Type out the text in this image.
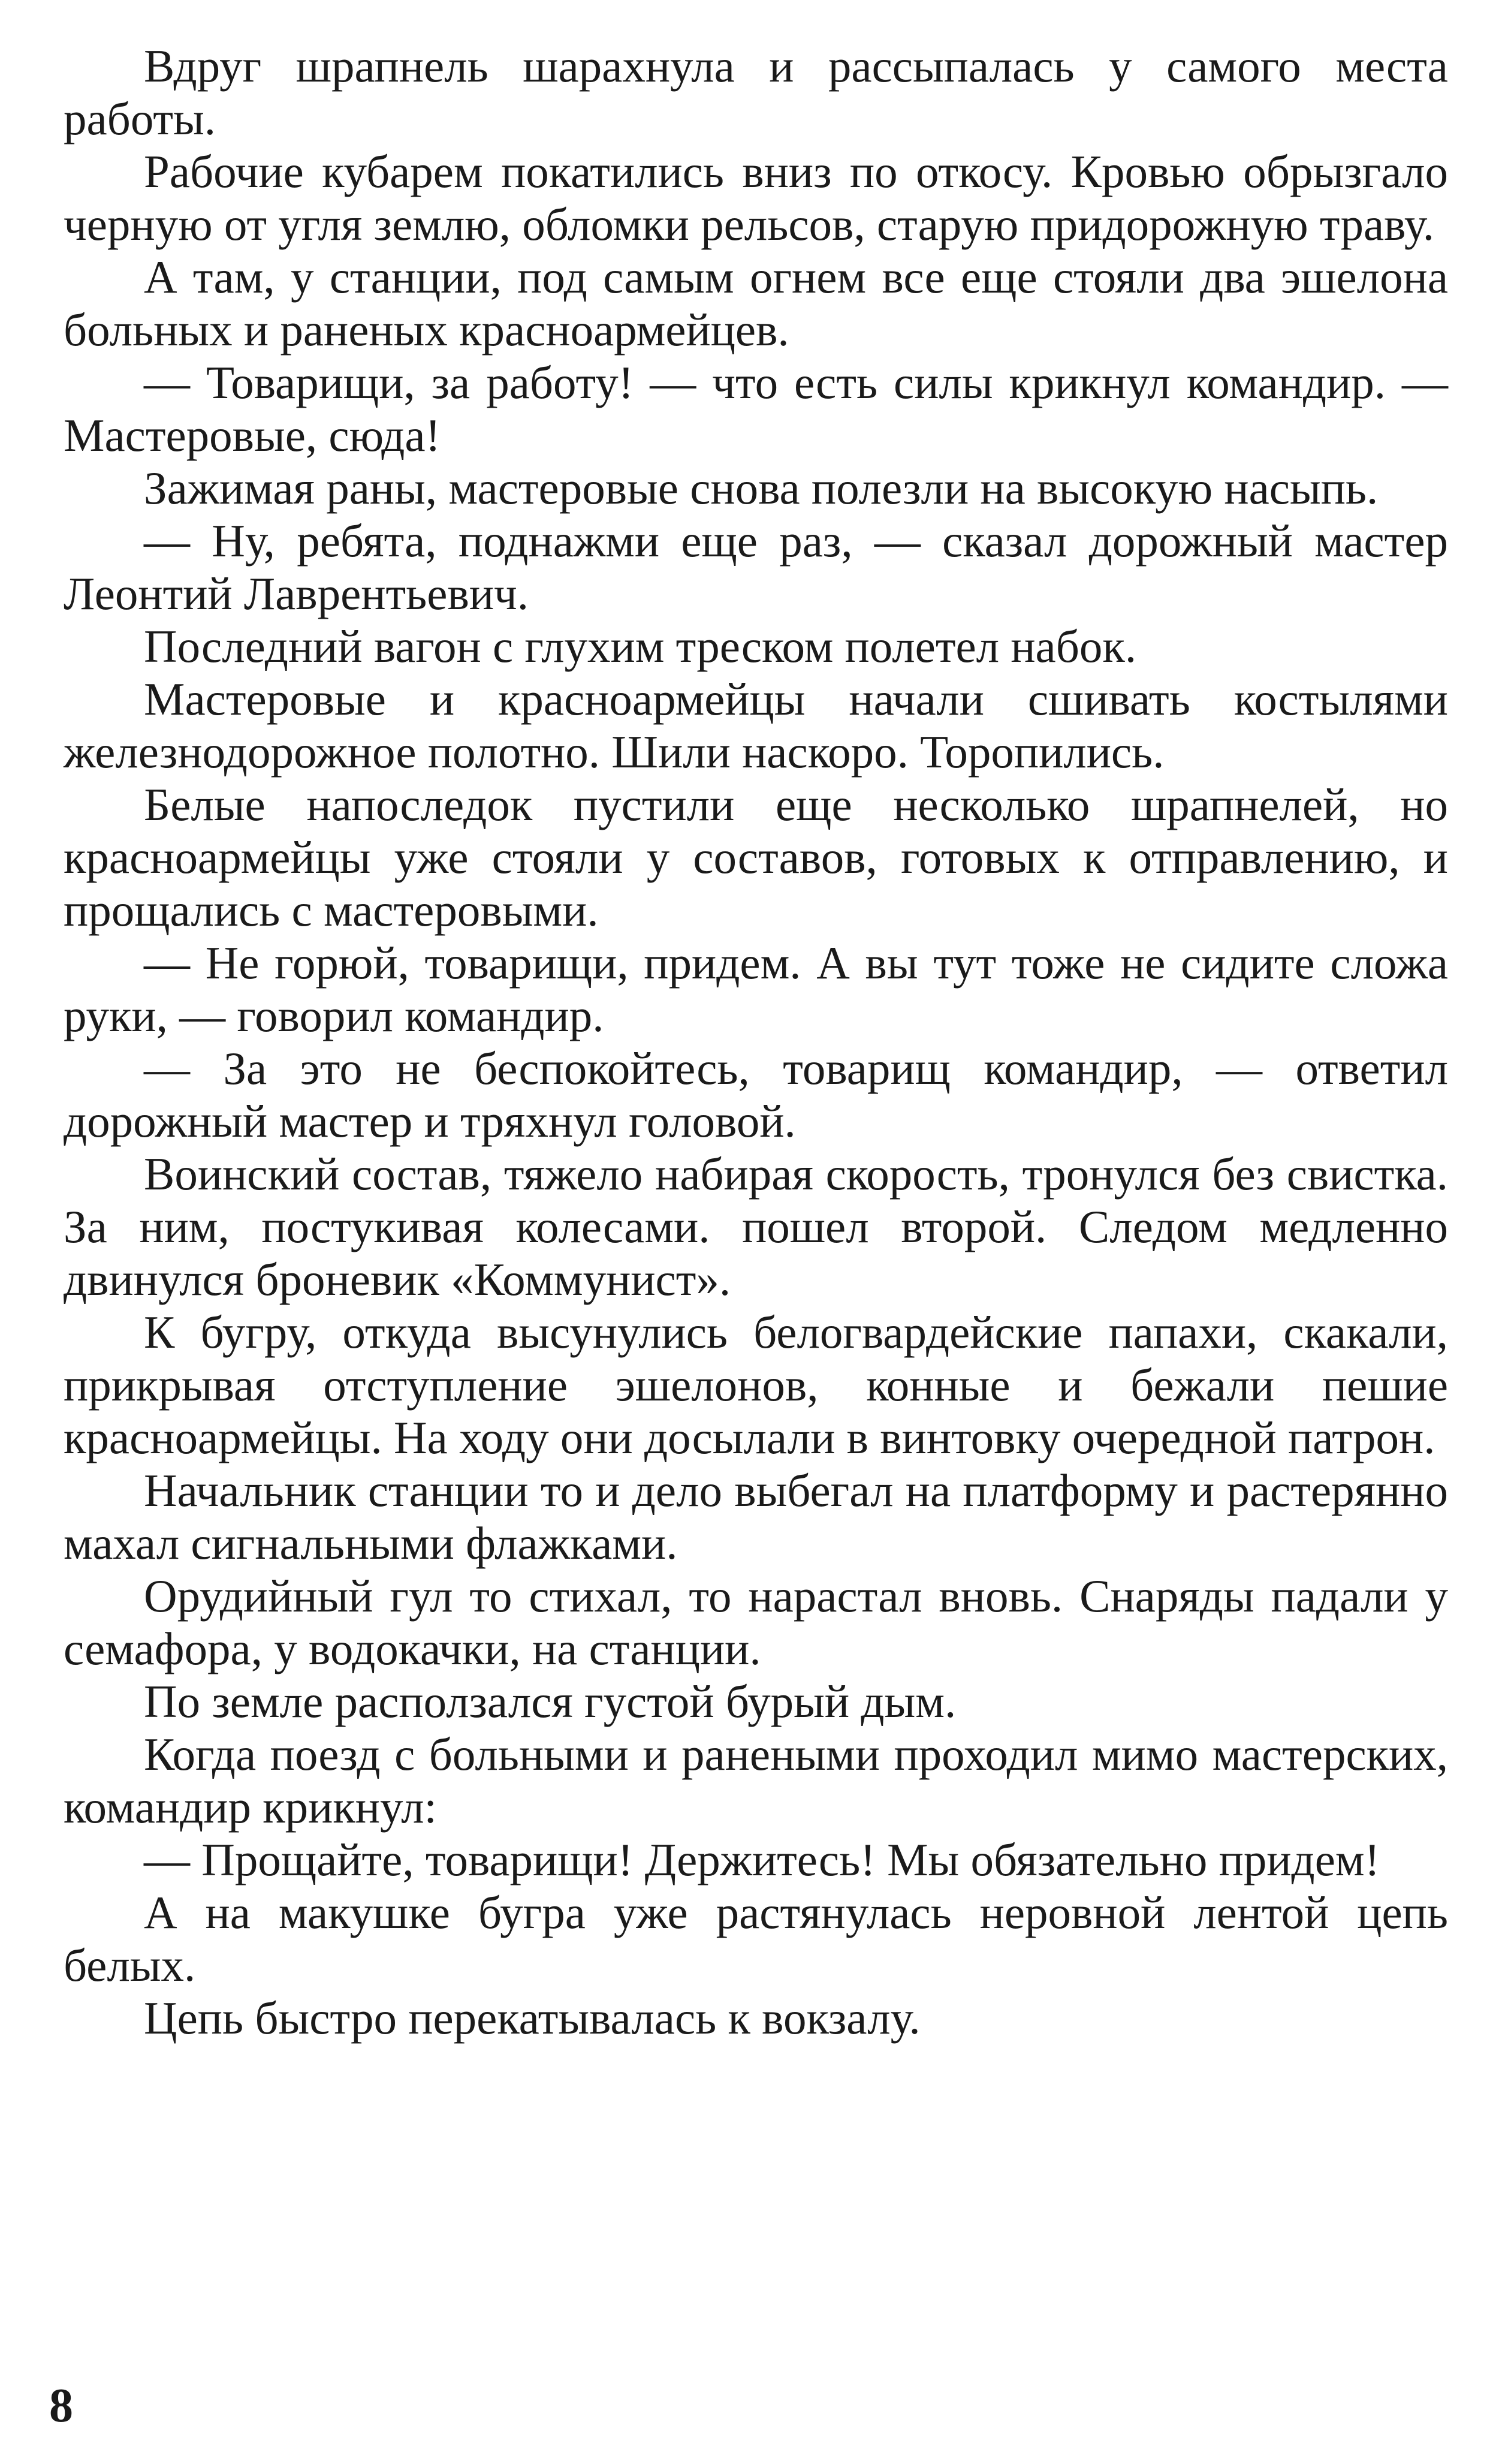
Вдруг шрапнель шарахнула и рассыпалась у самого места работы.

Рабочие кубарем покатились вниз по откосу. Кровью обрызгало черную от угля землю, обломки рельсов, старую придорожную траву.

А там, у станции, под самым огнем все еще стояли два эшелона больных и раненых красноармейцев.

— Товарищи, за работу! — что есть силы крикнул командир. — Мастеровые, сюда!

Зажимая раны, мастеровые снова полезли на высокую насыпь.

— Ну, ребята, поднажми еще раз, — сказал дорожный мастер Леонтий Лаврентьевич.

Последний вагон с глухим треском полетел набок.

Мастеровые и красноармейцы начали сшивать костылями железнодорожное полотно. Шили наскоро. Торопились.

Белые напоследок пустили еще несколько шрапнелей, но красноармейцы уже стояли у составов, готовых к отправлению, и прощались с мастеровыми.

— Не горюй, товарищи, придем. А вы тут тоже не сидите сложа руки, — говорил командир.

— За это не беспокойтесь, товарищ командир, — ответил дорожный мастер и тряхнул головой.

Воинский состав, тяжело набирая скорость, тронулся без свистка. За ним, постукивая колесами. пошел второй. Следом медленно двинулся броневик «Коммунист».

К бугру, откуда высунулись белогвардейские папахи, скакали, прикрывая отступление эшелонов, конные и бежали пешие красноармейцы. На ходу они досылали в винтовку очередной патрон.

Начальник станции то и дело выбегал на платформу и растерянно махал сигнальными флажками.

Орудийный гул то стихал, то нарастал вновь. Снаряды падали у семафора, у водокачки, на станции.

По земле расползался густой бурый дым.

Когда поезд с больными и ранеными проходил мимо мастерских, командир крикнул:

— Прощайте, товарищи! Держитесь! Мы обязательно придем!

А на макушке бугра уже растянулась неровной лентой цепь белых.

Цепь быстро перекатывалась к вокзалу.

8
